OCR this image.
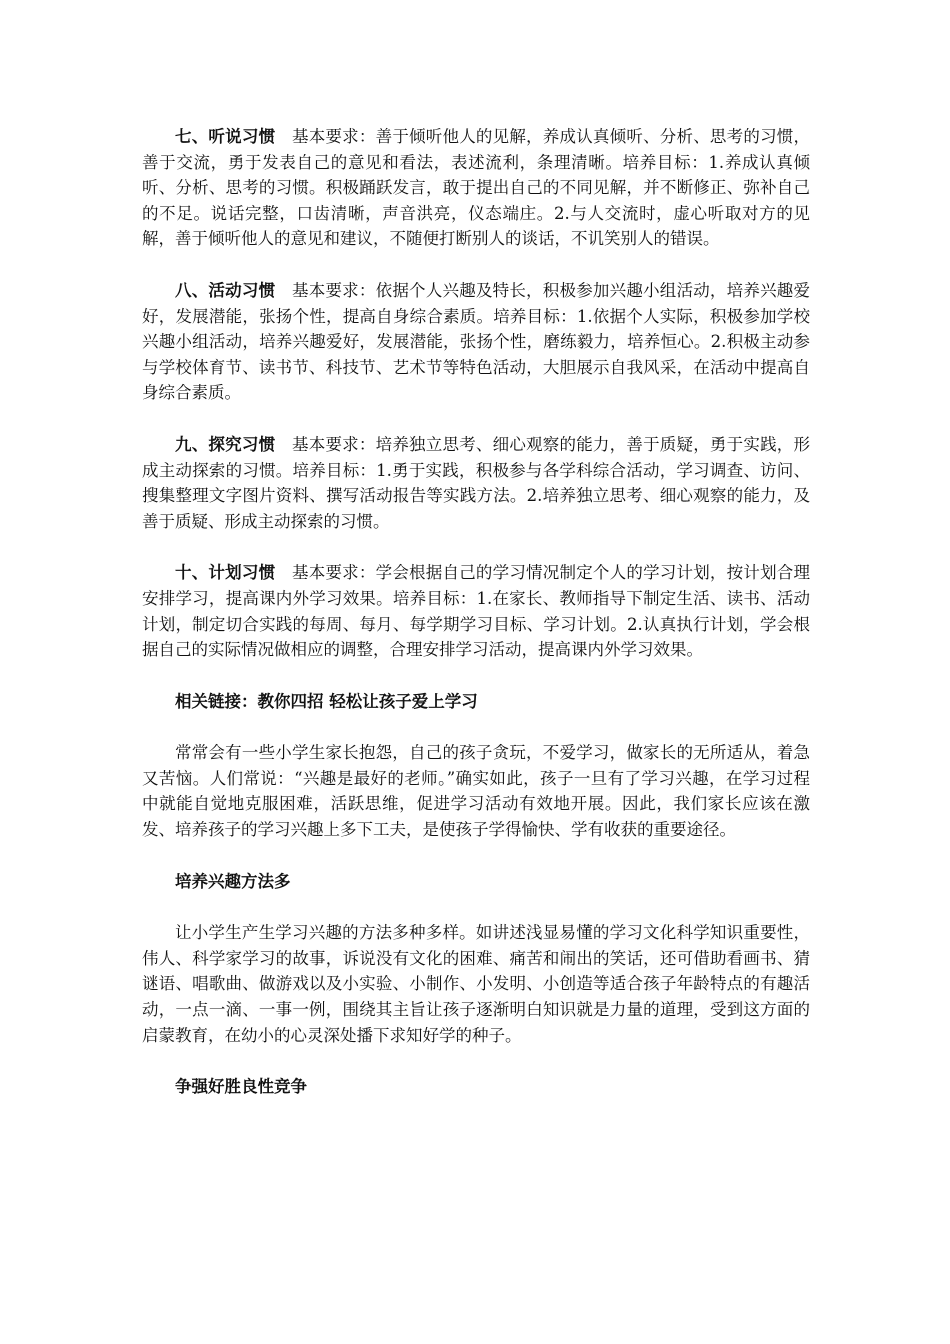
七、听说习惯 基本要求：善于倾听他人的见解，养成认真倾听、分析、思考的习惯，善于交流，勇于发表自己的意见和看法，表述流利，条理清晰。培养目标：1.养成认真倾听、分析、思考的习惯。积极踊跃发言，敢于提出自己的不同见解，并不断修正、弥补自己的不足。说话完整，口齿清晰，声音洪亮，仪态端庄。2.与人交流时，虚心听取对方的见解，善于倾听他人的意见和建议，不随便打断别人的谈话，不讥笑别人的错误。

八、活动习惯 基本要求：依据个人兴趣及特长，积极参加兴趣小组活动，培养兴趣爱好，发展潜能，张扬个性，提高自身综合素质。培养目标：1.依据个人实际，积极参加学校兴趣小组活动，培养兴趣爱好，发展潜能，张扬个性，磨练毅力，培养恒心。2.积极主动参与学校体育节、读书节、科技节、艺术节等特色活动，大胆展示自我风采，在活动中提高自身综合素质。

九、探究习惯 基本要求：培养独立思考、细心观察的能力，善于质疑，勇于实践，形成主动探索的习惯。培养目标：1.勇于实践，积极参与各学科综合活动，学习调查、访问、搜集整理文字图片资料、撰写活动报告等实践方法。2.培养独立思考、细心观察的能力，及善于质疑、形成主动探索的习惯。

十、计划习惯 基本要求：学会根据自己的学习情况制定个人的学习计划，按计划合理安排学习，提高课内外学习效果。培养目标：1.在家长、教师指导下制定生活、读书、活动计划，制定切合实践的每周、每月、每学期学习目标、学习计划。2.认真执行计划，学会根据自己的实际情况做相应的调整，合理安排学习活动，提高课内外学习效果。

相关链接：教你四招 轻松让孩子爱上学习

常常会有一些小学生家长抱怨，自己的孩子贪玩，不爱学习，做家长的无所适从，着急又苦恼。人们常说：“兴趣是最好的老师。”确实如此，孩子一旦有了学习兴趣，在学习过程中就能自觉地克服困难，活跃思维，促进学习活动有效地开展。因此，我们家长应该在激发、培养孩子的学习兴趣上多下工夫，是使孩子学得愉快、学有收获的重要途径。

培养兴趣方法多

让小学生产生学习兴趣的方法多种多样。如讲述浅显易懂的学习文化科学知识重要性，伟人、科学家学习的故事，诉说没有文化的困难、痛苦和闹出的笑话，还可借助看画书、猜谜语、唱歌曲、做游戏以及小实验、小制作、小发明、小创造等适合孩子年龄特点的有趣活动，一点一滴、一事一例，围绕其主旨让孩子逐渐明白知识就是力量的道理，受到这方面的启蒙教育，在幼小的心灵深处播下求知好学的种子。

争强好胜良性竞争
